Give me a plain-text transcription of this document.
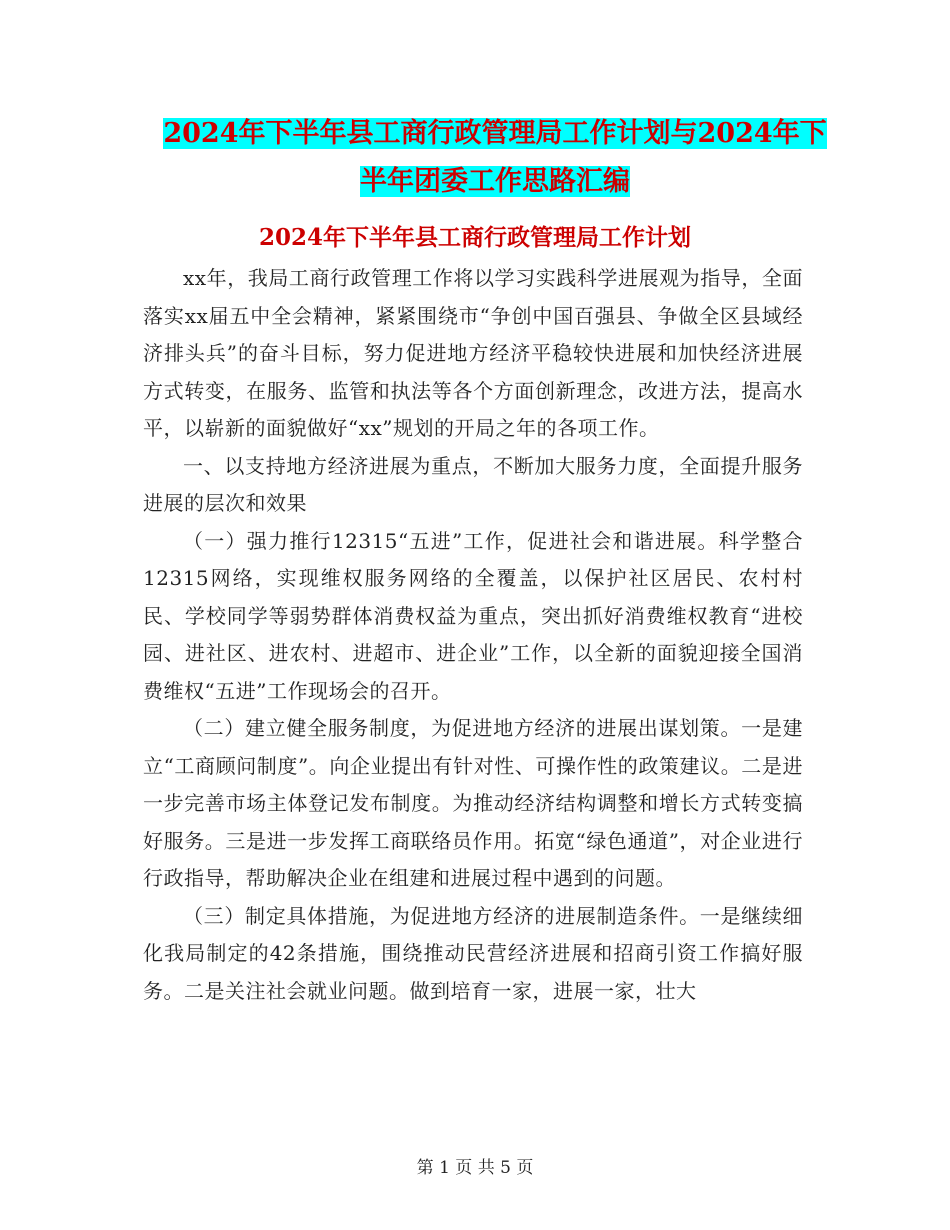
2024年下半年县工商行政管理局工作计划与2024年下
半年团委工作思路汇编
2024年下半年县工商行政管理局工作计划

xx年，我局工商行政管理工作将以学习实践科学进展观为指导，全面落实xx届五中全会精神，紧紧围绕市“争创中国百强县、争做全区县域经济排头兵”的奋斗目标，努力促进地方经济平稳较快进展和加快经济进展方式转变，在服务、监管和执法等各个方面创新理念，改进方法，提高水平，以崭新的面貌做好“xx”规划的开局之年的各项工作。

一、以支持地方经济进展为重点，不断加大服务力度，全面提升服务进展的层次和效果

（一）强力推行12315“五进”工作，促进社会和谐进展。科学整合12315网络，实现维权服务网络的全覆盖，以保护社区居民、农村村民、学校同学等弱势群体消费权益为重点，突出抓好消费维权教育“进校园、进社区、进农村、进超市、进企业”工作，以全新的面貌迎接全国消费维权“五进”工作现场会的召开。

（二）建立健全服务制度，为促进地方经济的进展出谋划策。一是建立“工商顾问制度”。向企业提出有针对性、可操作性的政策建议。二是进一步完善市场主体登记发布制度。为推动经济结构调整和增长方式转变搞好服务。三是进一步发挥工商联络员作用。拓宽“绿色通道”，对企业进行行政指导，帮助解决企业在组建和进展过程中遇到的问题。

（三）制定具体措施，为促进地方经济的进展制造条件。一是继续细化我局制定的42条措施，围绕推动民营经济进展和招商引资工作搞好服务。二是关注社会就业问题。做到培育一家，进展一家，壮大

第 1 页 共 5 页
